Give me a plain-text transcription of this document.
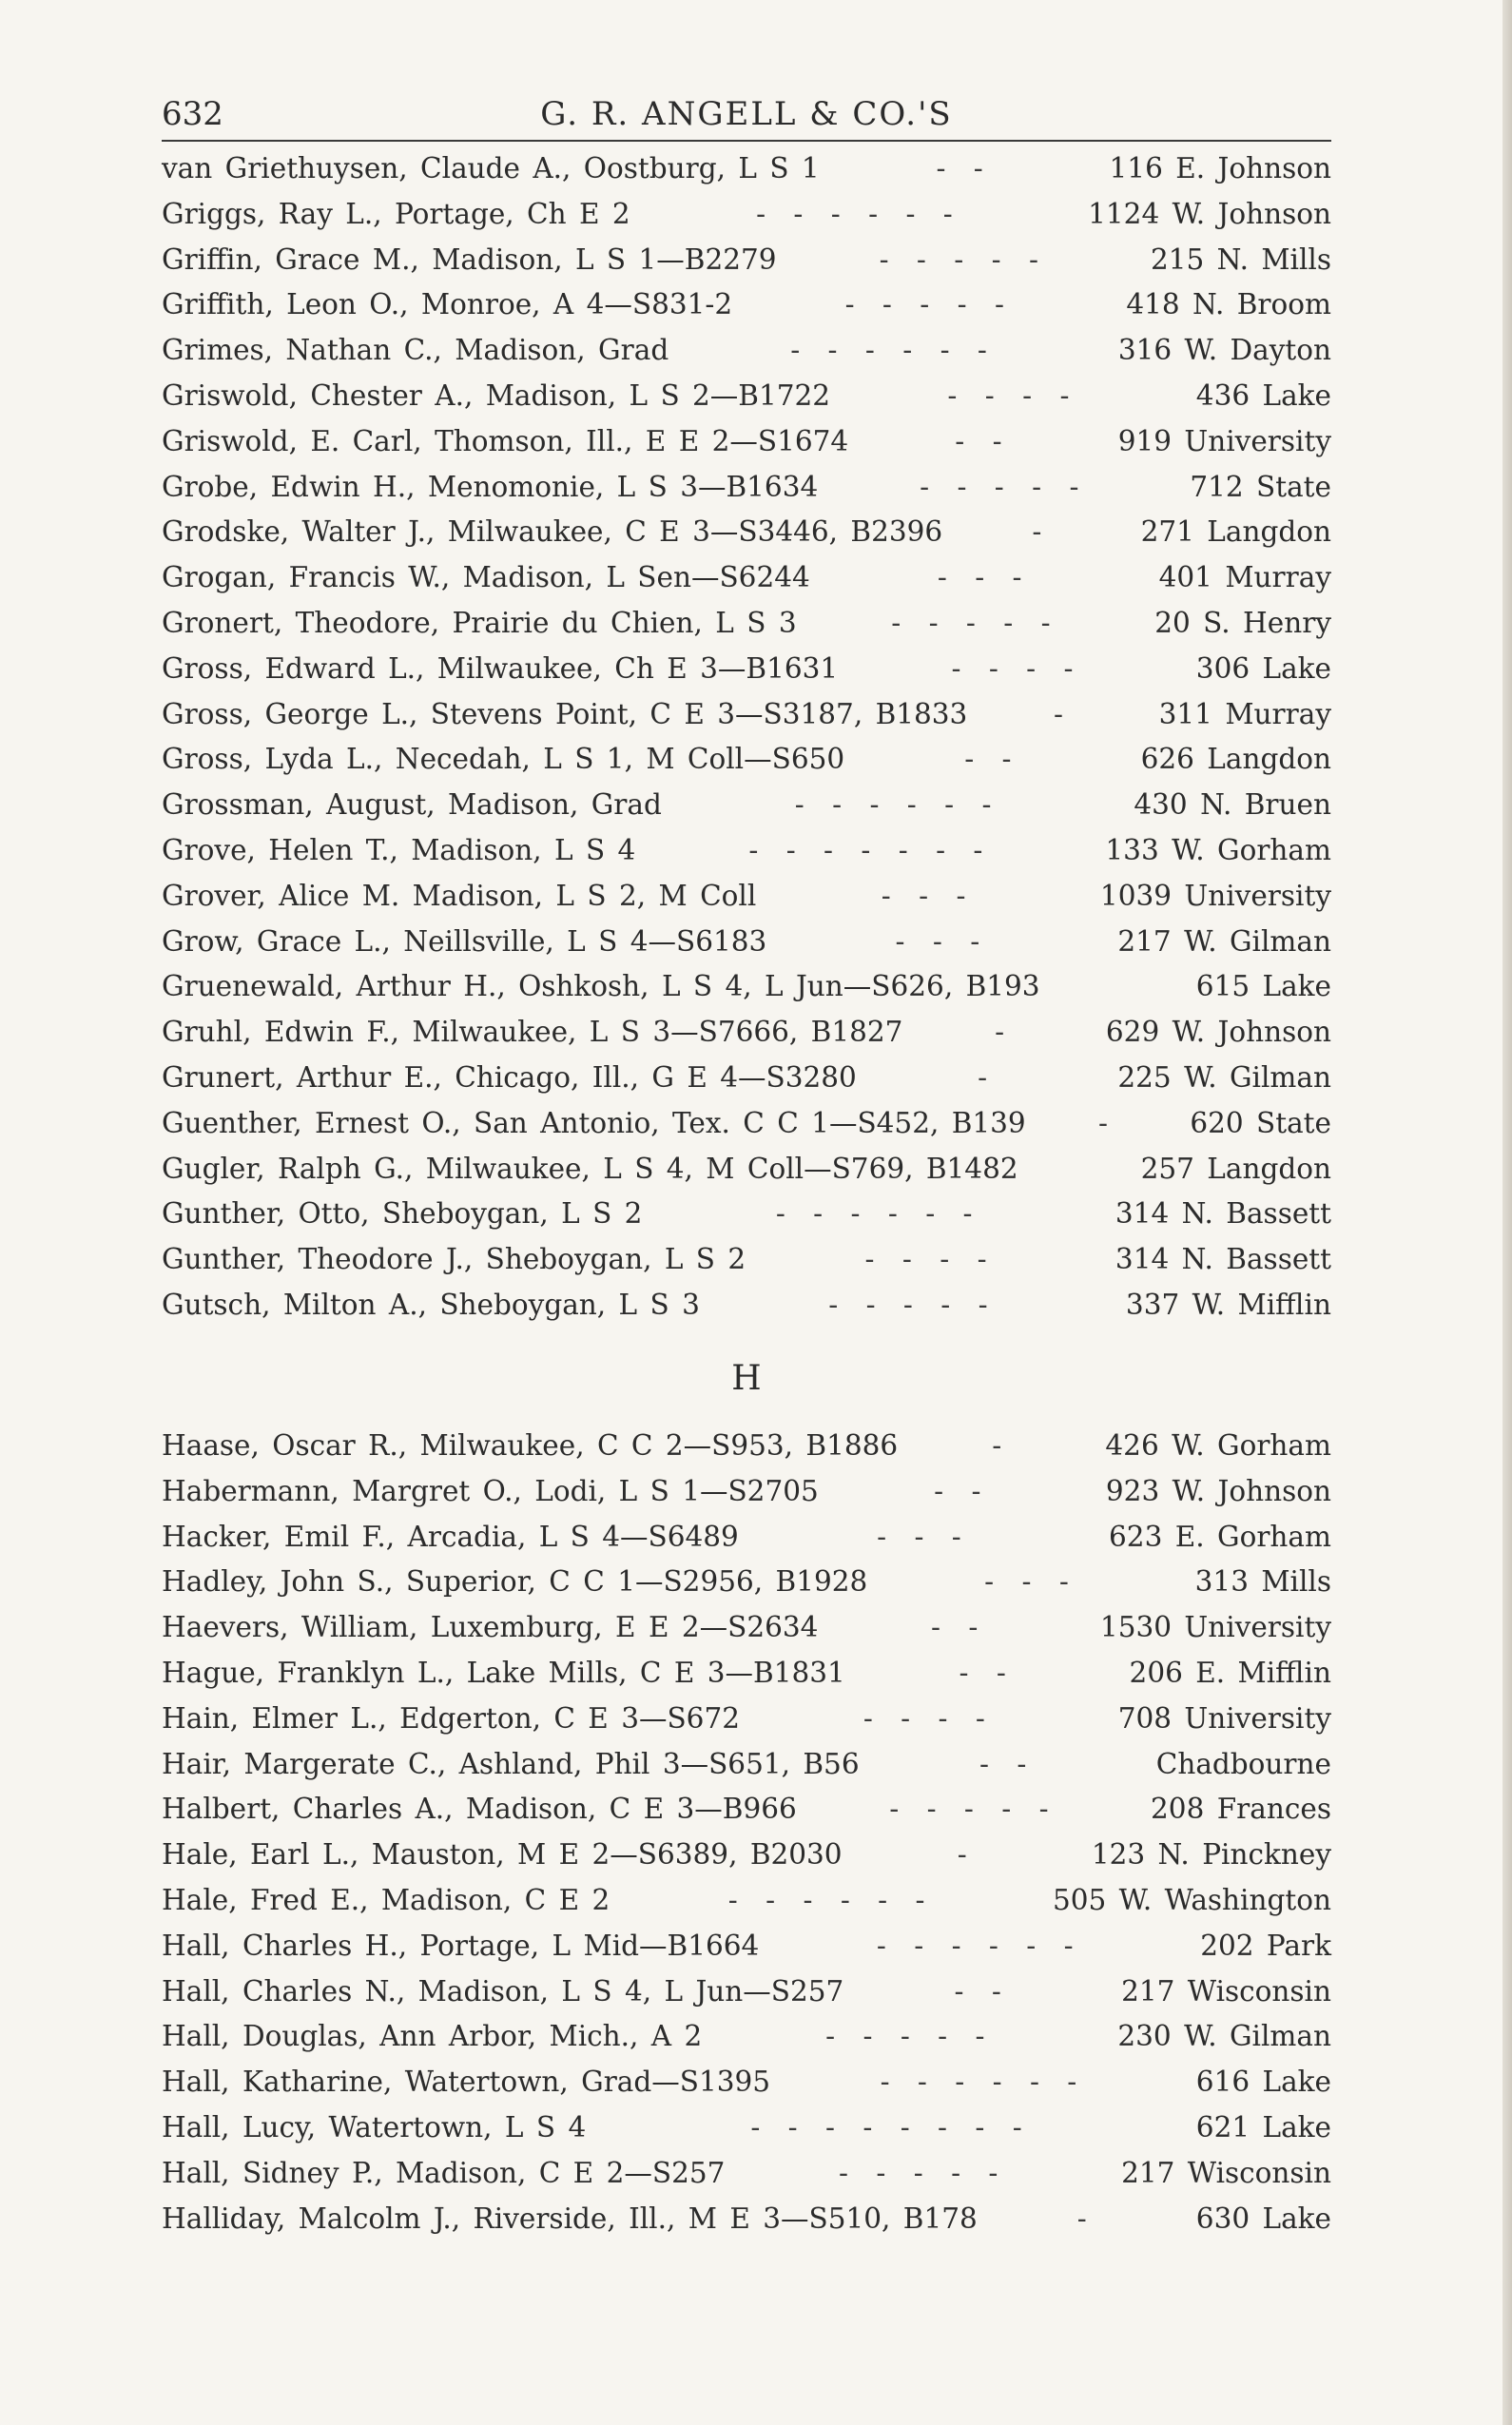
632	G. R. ANGELL & CO.'S
van Griethuysen, Claude A., Oostburg, L S 1	- -	116 E. Johnson
Griggs, Ray L., Portage, Ch E 2	- - - - - -	1124 W. Johnson
Griffin, Grace M., Madison, L S 1—B2279	- - - - -	215 N. Mills
Griffith, Leon O., Monroe, A 4—S831-2	- - - - -	418 N. Broom
Grimes, Nathan C., Madison, Grad	- - - - - -	316 W. Dayton
Griswold, Chester A., Madison, L S 2—B1722	- - - -	436 Lake
Griswold, E. Carl, Thomson, Ill., E E 2—S1674	- -	919 University
Grobe, Edwin H., Menomonie, L S 3—B1634	- - - - -	712 State
Grodske, Walter J., Milwaukee, C E 3—S3446, B2396	-	271 Langdon
Grogan, Francis W., Madison, L Sen—S6244	- - -	401 Murray
Gronert, Theodore, Prairie du Chien, L S 3	- - - - -	20 S. Henry
Gross, Edward L., Milwaukee, Ch E 3—B1631	- - - -	306 Lake
Gross, George L., Stevens Point, C E 3—S3187, B1833	-	311 Murray
Gross, Lyda L., Necedah, L S 1, M Coll—S650	- -	626 Langdon
Grossman, August, Madison, Grad	- - - - - -	430 N. Bruen
Grove, Helen T., Madison, L S 4	- - - - - - -	133 W. Gorham
Grover, Alice M. Madison, L S 2, M Coll	- - -	1039 University
Grow, Grace L., Neillsville, L S 4—S6183	- - -	217 W. Gilman
Gruenewald, Arthur H., Oshkosh, L S 4, L Jun—S626, B193	615 Lake
Gruhl, Edwin F., Milwaukee, L S 3—S7666, B1827	-	629 W. Johnson
Grunert, Arthur E., Chicago, Ill., G E 4—S3280	-	225 W. Gilman
Guenther, Ernest O., San Antonio, Tex. C C 1—S452, B139	-	620 State
Gugler, Ralph G., Milwaukee, L S 4, M Coll—S769, B1482	257 Langdon
Gunther, Otto, Sheboygan, L S 2	- - - - - -	314 N. Bassett
Gunther, Theodore J., Sheboygan, L S 2	- - - -	314 N. Bassett
Gutsch, Milton A., Sheboygan, L S 3	- - - - -	337 W. Mifflin
H
Haase, Oscar R., Milwaukee, C C 2—S953, B1886	-	426 W. Gorham
Habermann, Margret O., Lodi, L S 1—S2705	- -	923 W. Johnson
Hacker, Emil F., Arcadia, L S 4—S6489	- - -	623 E. Gorham
Hadley, John S., Superior, C C 1—S2956, B1928	- - -	313 Mills
Haevers, William, Luxemburg, E E 2—S2634	- -	1530 University
Hague, Franklyn L., Lake Mills, C E 3—B1831	- -	206 E. Mifflin
Hain, Elmer L., Edgerton, C E 3—S672	- - - -	708 University
Hair, Margerate C., Ashland, Phil 3—S651, B56	- -	Chadbourne
Halbert, Charles A., Madison, C E 3—B966	- - - - -	208 Frances
Hale, Earl L., Mauston, M E 2—S6389, B2030	-	123 N. Pinckney
Hale, Fred E., Madison, C E 2	- - - - - -	505 W. Washington
Hall, Charles H., Portage, L Mid—B1664	- - - - - -	202 Park
Hall, Charles N., Madison, L S 4, L Jun—S257	- -	217 Wisconsin
Hall, Douglas, Ann Arbor, Mich., A 2	- - - - -	230 W. Gilman
Hall, Katharine, Watertown, Grad—S1395	- - - - - -	616 Lake
Hall, Lucy, Watertown, L S 4	- - - - - - - -	621 Lake
Hall, Sidney P., Madison, C E 2—S257	- - - - -	217 Wisconsin
Halliday, Malcolm J., Riverside, Ill., M E 3—S510, B178	-	630 Lake
